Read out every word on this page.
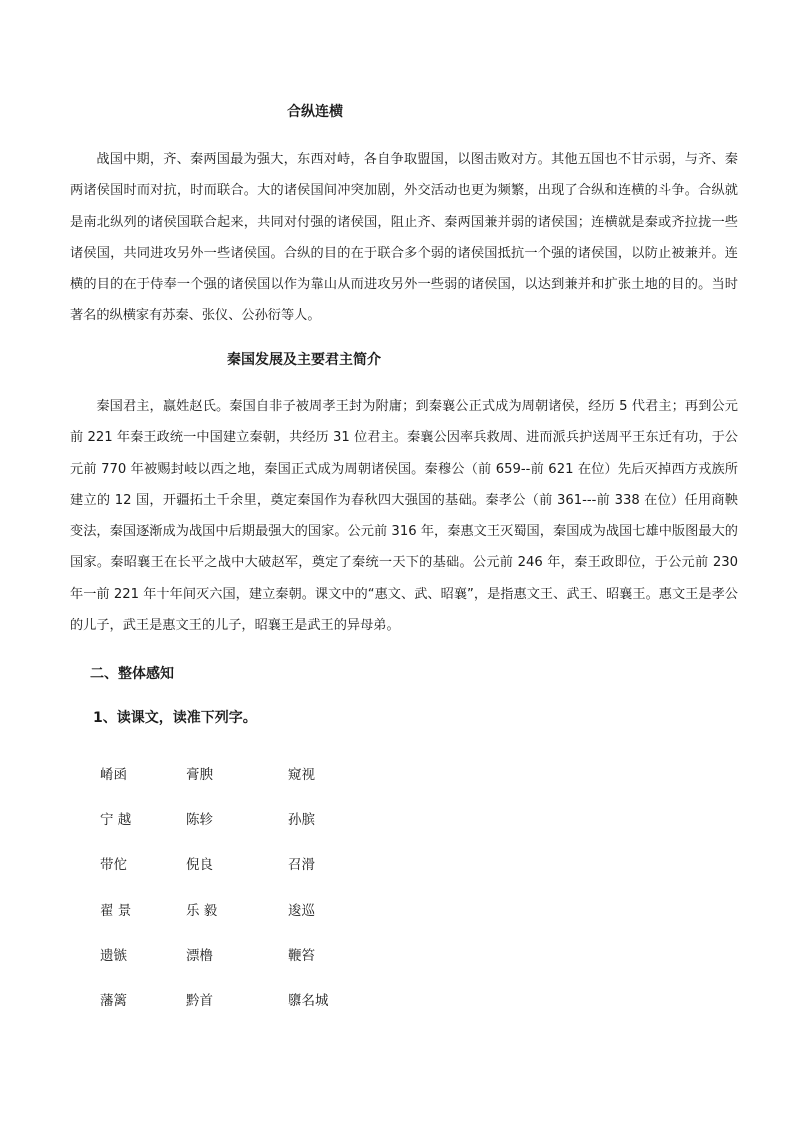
合纵连横

战国中期，齐、秦两国最为强大，东西对峙，各自争取盟国，以图击败对方。其他五国也不甘示弱，与齐、秦两诸侯国时而对抗，时而联合。大的诸侯国间冲突加剧，外交活动也更为频繁，出现了合纵和连横的斗争。合纵就是南北纵列的诸侯国联合起来，共同对付强的诸侯国，阻止齐、秦两国兼并弱的诸侯国；连横就是秦或齐拉拢一些诸侯国，共同进攻另外一些诸侯国。合纵的目的在于联合多个弱的诸侯国抵抗一个强的诸侯国，以防止被兼并。连横的目的在于侍奉一个强的诸侯国以作为靠山从而进攻另外一些弱的诸侯国，以达到兼并和扩张土地的目的。当时著名的纵横家有苏秦、张仪、公孙衍等人。

秦国发展及主要君主简介

秦国君主，嬴姓赵氏。秦国自非子被周孝王封为附庸；到秦襄公正式成为周朝诸侯，经历 5 代君主；再到公元前 221 年秦王政统一中国建立秦朝，共经历 31 位君主。秦襄公因率兵救周、进而派兵护送周平王东迁有功，于公元前 770 年被赐封岐以西之地，秦国正式成为周朝诸侯国。秦穆公（前 659--前 621 在位）先后灭掉西方戎族所建立的 12 国，开疆拓土千余里，奠定秦国作为春秋四大强国的基础。秦孝公（前 361---前 338 在位）任用商鞅变法，秦国逐渐成为战国中后期最强大的国家。公元前 316 年，秦惠文王灭蜀国，秦国成为战国七雄中版图最大的国家。秦昭襄王在长平之战中大破赵军，奠定了秦统一天下的基础。公元前 246 年，秦王政即位，于公元前 230 年一前 221 年十年间灭六国，建立秦朝。课文中的“惠文、武、昭襄”，是指惠文王、武王、昭襄王。惠文王是孝公的儿子，武王是惠文王的儿子，昭襄王是武王的异母弟。

二、整体感知
1、读课文，读准下列字。
崤函	膏腴	窥视
宁 越	陈轸	孙膑
带佗	倪良	召滑
翟 景	乐 毅	逡巡
遗镞	漂橹	鞭笞
藩篱	黔首	隳名城
